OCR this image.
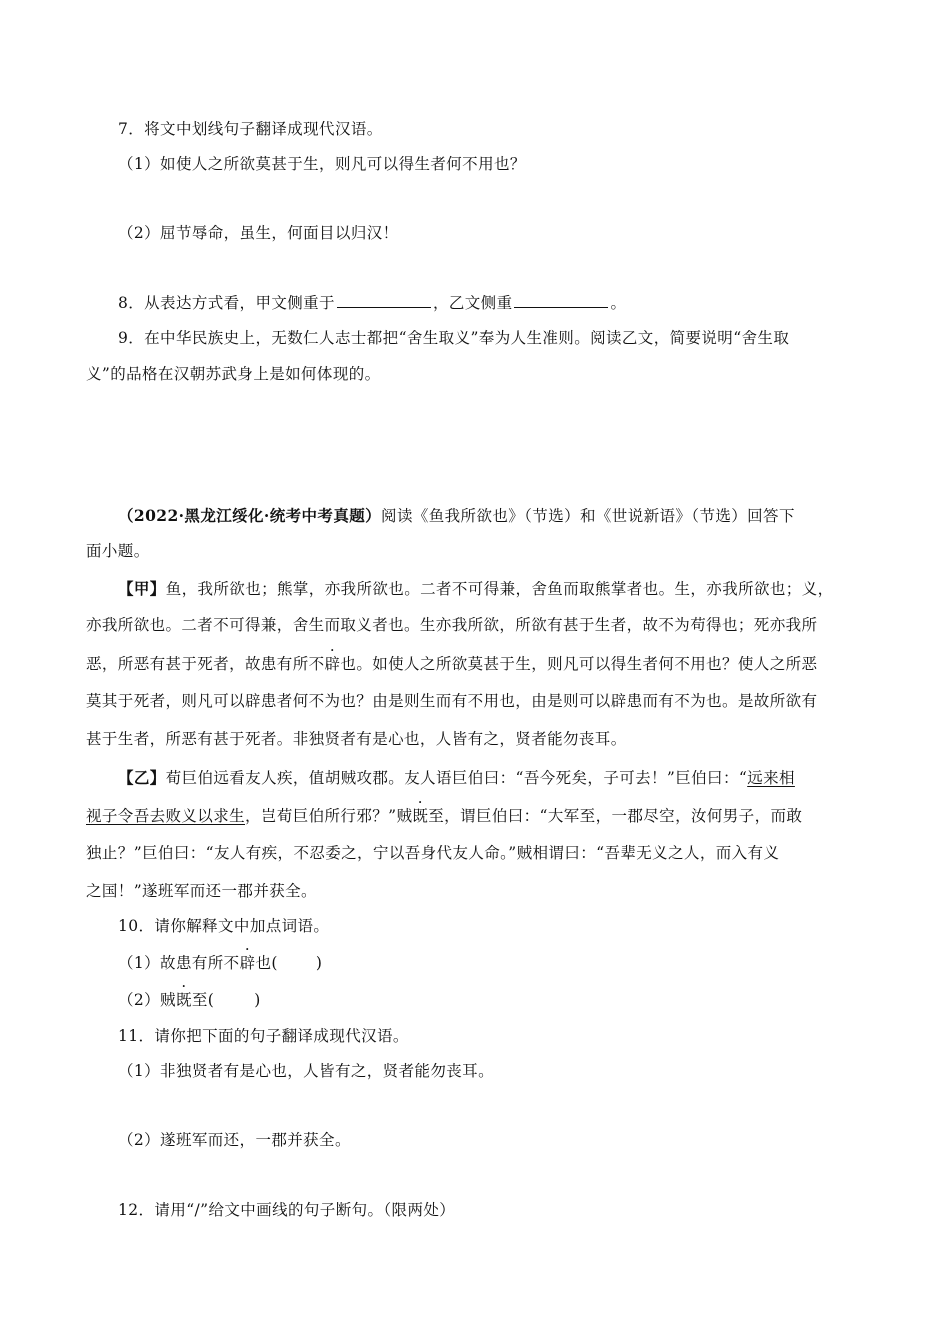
7．将文中划线句子翻译成现代汉语。
（1）如使人之所欲莫甚于生，则凡可以得生者何不用也？
（2）屈节辱命，虽生，何面目以归汉！
8．从表达方式看，甲文侧重于	，乙文侧重	。
9．在中华民族史上，无数仁人志士都把“舍生取义”奉为人生准则。阅读乙文，简要说明“舍生取
义”的品格在汉朝苏武身上是如何体现的。
（2022·黑龙江绥化·统考中考真题）阅读《鱼我所欲也》（节选）和《世说新语》（节选）回答下
面小题。
【甲】鱼，我所欲也；熊掌，亦我所欲也。二者不可得兼，舍鱼而取熊掌者也。生，亦我所欲也；义，
亦我所欲也。二者不可得兼，舍生而取义者也。生亦我所欲，所欲有甚于生者，故不为苟得也；死亦我所
恶，所恶有甚于死者，故患有所不辟也。如使人之所欲莫甚于生，则凡可以得生者何不用也？使人之所恶
莫其于死者，则凡可以辟患者何不为也？由是则生而有不用也，由是则可以辟患而有不为也。是故所欲有
甚于生者，所恶有甚于死者。非独贤者有是心也，人皆有之，贤者能勿丧耳。
【乙】荀巨伯远看友人疾，值胡贼攻郡。友人语巨伯曰：“吾今死矣，子可去！”巨伯曰：“远来相
视子令吾去败义以求生，岂荀巨伯所行邪？”贼既至，谓巨伯曰：“大军至，一郡尽空，汝何男子，而敢
独止？”巨伯曰：“友人有疾，不忍委之，宁以吾身代友人命。”贼相谓曰：“吾辈无义之人，而入有义
之国！”遂班军而还一郡并获全。
10．请你解释文中加点词语。
（1）故患有所不辟也( )
（2）贼既至(	)
11．请你把下面的句子翻译成现代汉语。
（1）非独贤者有是心也，人皆有之，贤者能勿丧耳。
（2）遂班军而还，一郡并获全。
12．请用“/”给文中画线的句子断句。（限两处）
